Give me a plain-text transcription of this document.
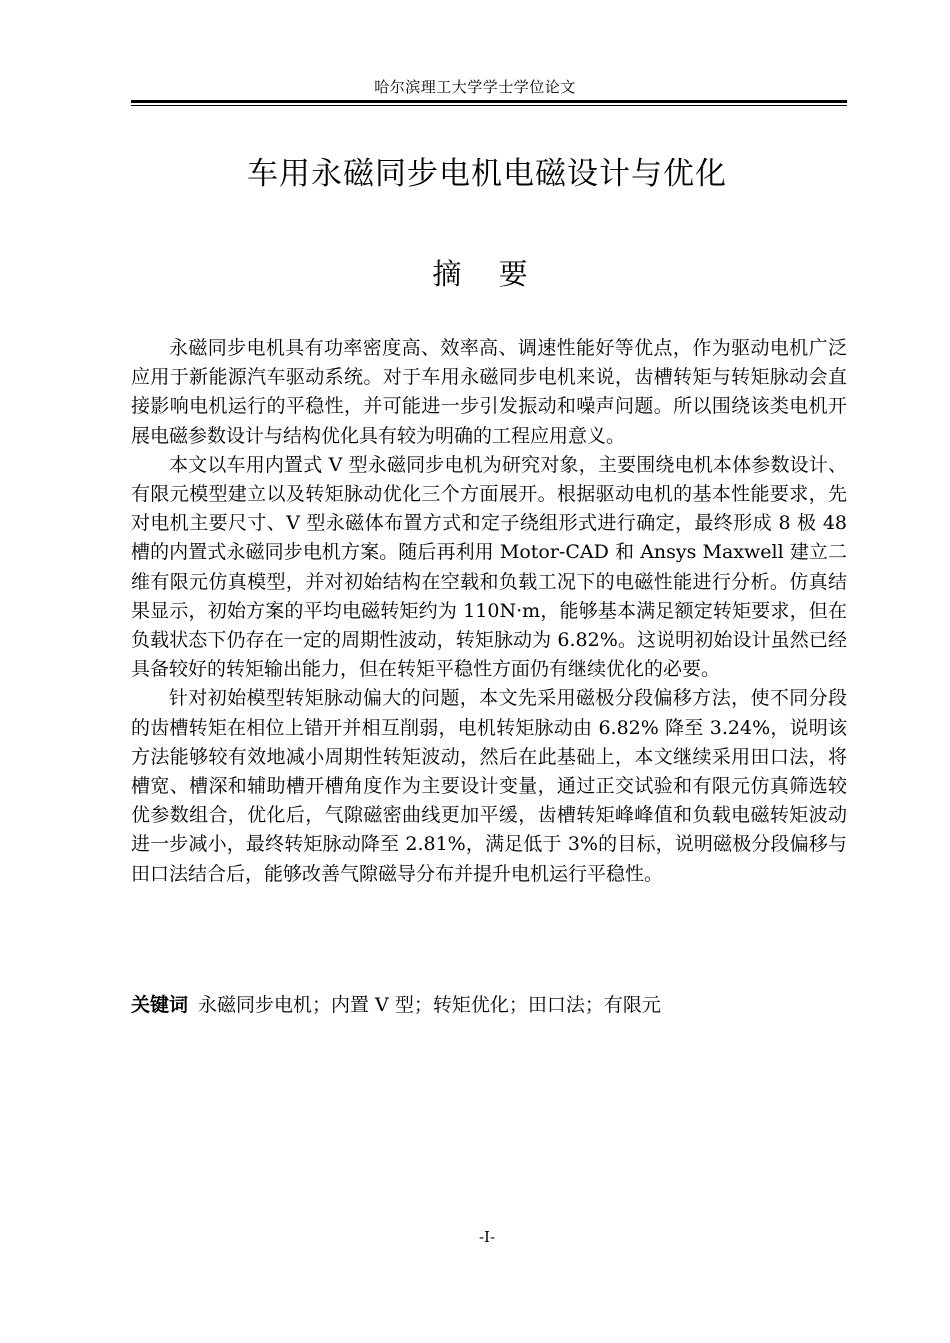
哈尔滨理工大学学士学位论文
车用永磁同步电机电磁设计与优化
摘 要

永磁同步电机具有功率密度高、效率高、调速性能好等优点，作为驱动电机广泛应用于新能源汽车驱动系统。对于车用永磁同步电机来说，齿槽转矩与转矩脉动会直接影响电机运行的平稳性，并可能进一步引发振动和噪声问题。所以围绕该类电机开展电磁参数设计与结构优化具有较为明确的工程应用意义。

本文以车用内置式 V 型永磁同步电机为研究对象，主要围绕电机本体参数设计、有限元模型建立以及转矩脉动优化三个方面展开。根据驱动电机的基本性能要求，先对电机主要尺寸、V 型永磁体布置方式和定子绕组形式进行确定，最终形成 8 极 48 槽的内置式永磁同步电机方案。随后再利用 Motor-CAD 和 Ansys Maxwell 建立二维有限元仿真模型，并对初始结构在空载和负载工况下的电磁性能进行分析。仿真结果显示，初始方案的平均电磁转矩约为 110N·m，能够基本满足额定转矩要求，但在负载状态下仍存在一定的周期性波动，转矩脉动为 6.82%。这说明初始设计虽然已经具备较好的转矩输出能力，但在转矩平稳性方面仍有继续优化的必要。

针对初始模型转矩脉动偏大的问题，本文先采用磁极分段偏移方法，使不同分段的齿槽转矩在相位上错开并相互削弱，电机转矩脉动由 6.82% 降至 3.24%，说明该方法能够较有效地减小周期性转矩波动，然后在此基础上，本文继续采用田口法，将槽宽、槽深和辅助槽开槽角度作为主要设计变量，通过正交试验和有限元仿真筛选较优参数组合，优化后，气隙磁密曲线更加平缓，齿槽转矩峰峰值和负载电磁转矩波动进一步减小，最终转矩脉动降至 2.81%，满足低于 3%的目标，说明磁极分段偏移与田口法结合后，能够改善气隙磁导分布并提升电机运行平稳性。

关键词 永磁同步电机；内置 V 型；转矩优化；田口法；有限元
-I-
